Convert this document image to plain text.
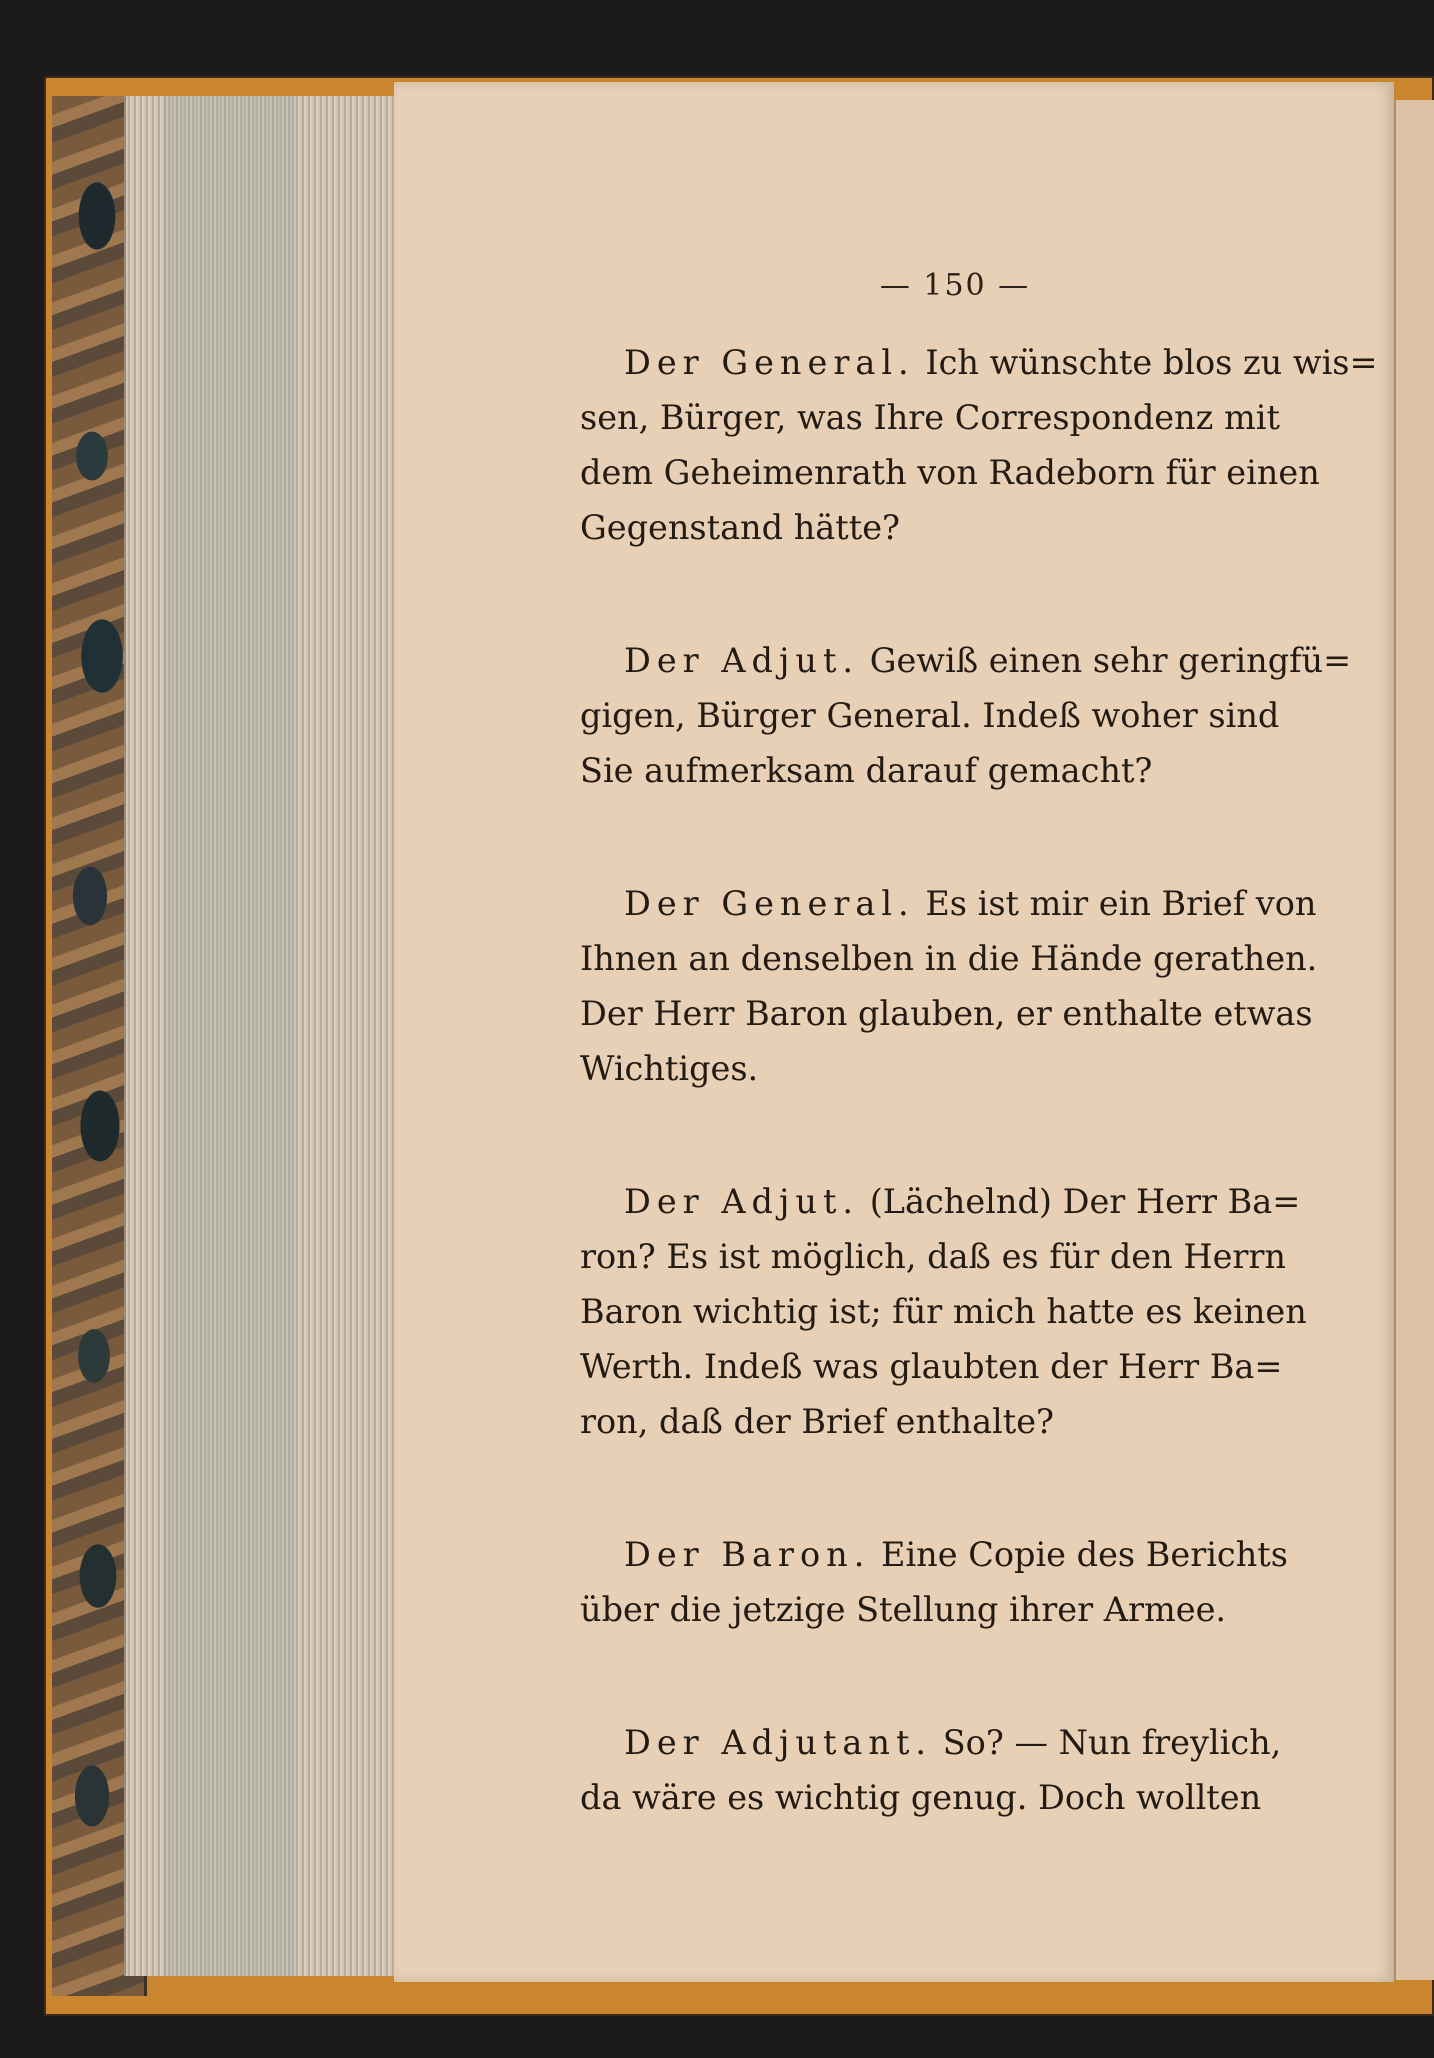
— 150 —

Der General. Ich wünschte blos zu wis=
sen, Bürger, was Ihre Correspondenz mit
dem Geheimenrath von Radeborn für einen
Gegenstand hätte?

Der Adjut. Gewiß einen sehr geringfü=
gigen, Bürger General. Indeß woher sind
Sie aufmerksam darauf gemacht?

Der General. Es ist mir ein Brief von
Ihnen an denselben in die Hände gerathen.
Der Herr Baron glauben, er enthalte etwas
Wichtiges.

Der Adjut. (Lächelnd) Der Herr Ba=
ron? Es ist möglich, daß es für den Herrn
Baron wichtig ist; für mich hatte es keinen
Werth. Indeß was glaubten der Herr Ba=
ron, daß der Brief enthalte?

Der Baron. Eine Copie des Berichts
über die jetzige Stellung ihrer Armee.

Der Adjutant. So? — Nun freylich,
da wäre es wichtig genug. Doch wollten
